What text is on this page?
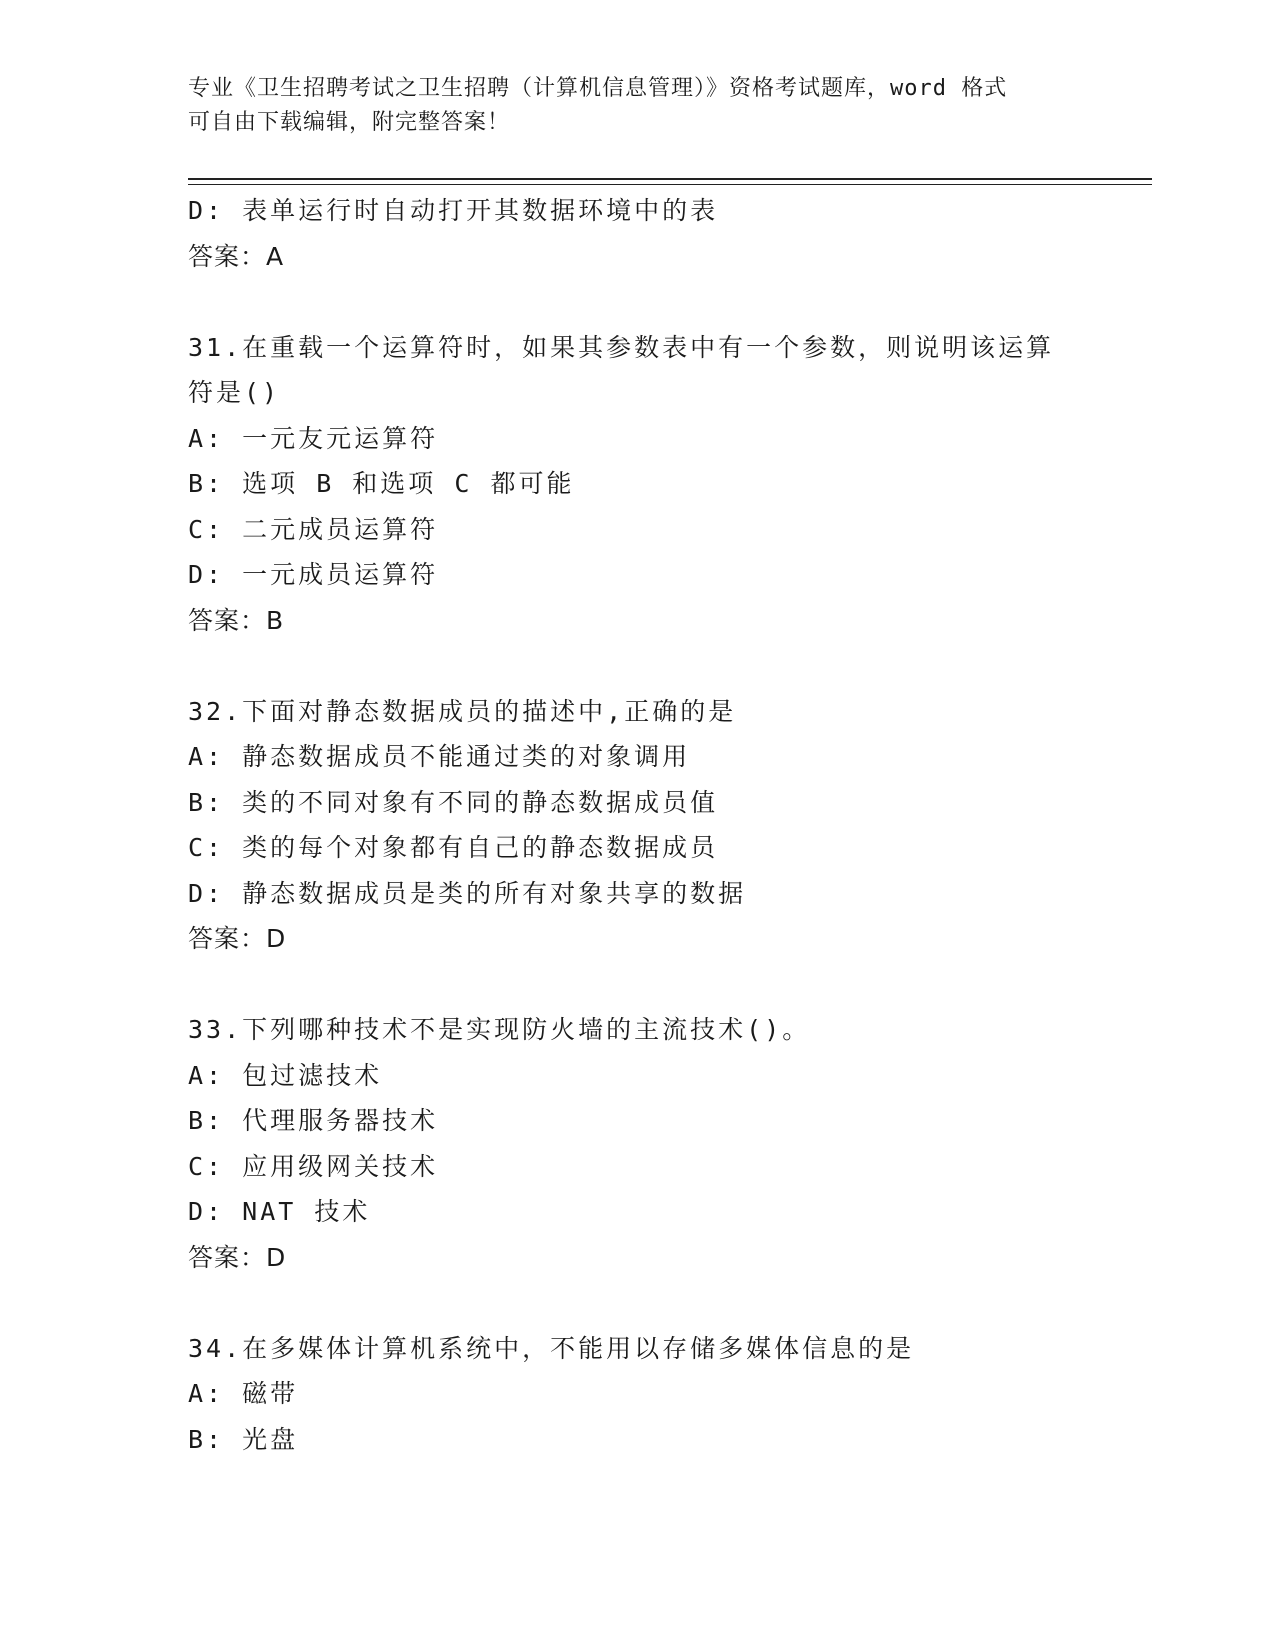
专业《卫生招聘考试之卫生招聘（计算机信息管理）》资格考试题库，word 格式
可自由下载编辑，附完整答案！
D: 表单运行时自动打开其数据环境中的表
答案：A
31.在重载一个运算符时，如果其参数表中有一个参数，则说明该运算
符是()
A: 一元友元运算符
B: 选项 B 和选项 C 都可能
C: 二元成员运算符
D: 一元成员运算符
答案：B
32.下面对静态数据成员的描述中,正确的是
A: 静态数据成员不能通过类的对象调用
B: 类的不同对象有不同的静态数据成员值
C: 类的每个对象都有自己的静态数据成员
D: 静态数据成员是类的所有对象共享的数据
答案：D
33.下列哪种技术不是实现防火墙的主流技术()。
A: 包过滤技术
B: 代理服务器技术
C: 应用级网关技术
D: NAT 技术
答案：D
34.在多媒体计算机系统中，不能用以存储多媒体信息的是
A: 磁带
B: 光盘
